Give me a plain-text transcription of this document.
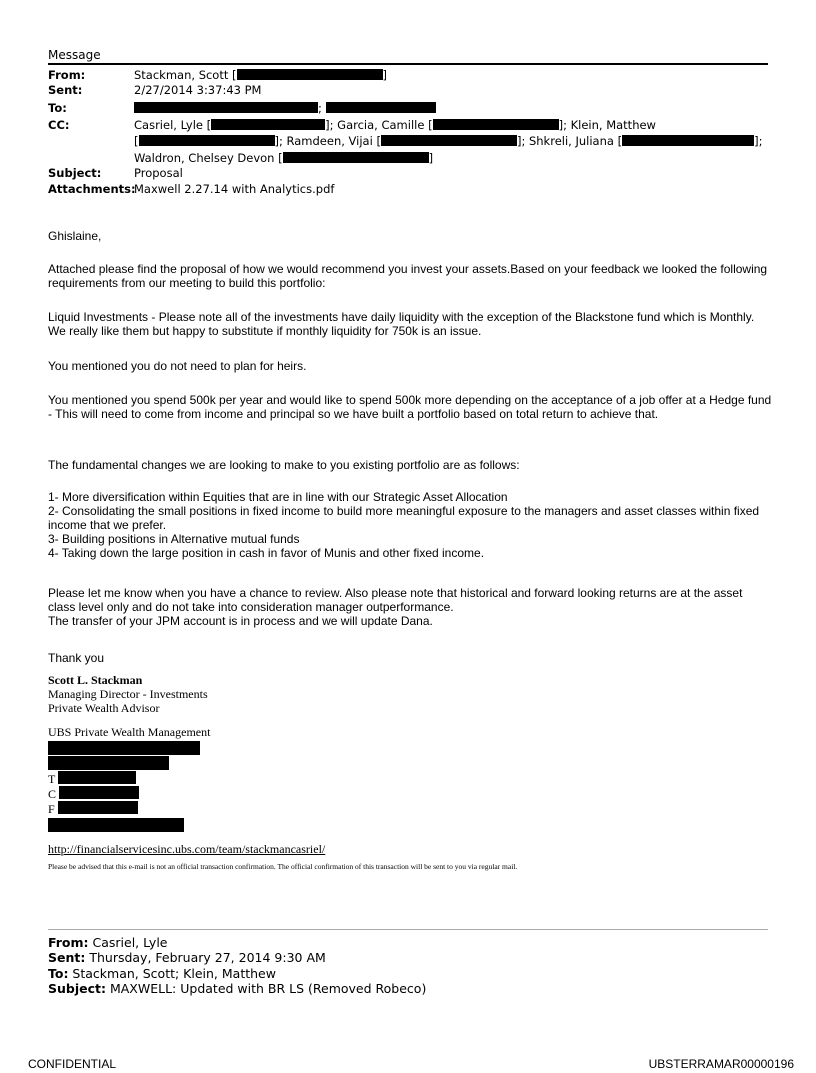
Message
From:	Stackman, Scott [	]
Sent:	2/27/2014 3:37:43 PM
To:	;
CC:	Casriel, Lyle [	]; Garcia, Camille [	]; Klein, Matthew
[	]; Ramdeen, Vijai [	]; Shkreli, Juliana [	];
Waldron, Chelsey Devon [	]
Subject:	Proposal
Attachments:
Maxwell 2.27.14 with Analytics.pdf
Ghislaine,
Attached please find the proposal of how we would recommend you invest your assets.Based on your feedback we looked the following requirements from our meeting to build this portfolio:
Liquid Investments - Please note all of the investments have daily liquidity with the exception of the Blackstone fund which is Monthly. We really like them but happy to substitute if monthly liquidity for 750k is an issue.
You mentioned you do not need to plan for heirs.
You mentioned you spend 500k per year and would like to spend 500k more depending on the acceptance of a job offer at a Hedge fund - This will need to come from income and principal so we have built a portfolio based on total return to achieve that.
The fundamental changes we are looking to make to you existing portfolio are as follows:

1- More diversification within Equities that are in line with our Strategic Asset Allocation

2- Consolidating the small positions in fixed income to build more meaningful exposure to the managers and asset classes within fixed income that we prefer.

3- Building positions in Alternative mutual funds

4- Taking down the large position in cash in favor of Munis and other fixed income.

Please let me know when you have a chance to review. Also please note that historical and forward looking returns are at the asset class level only and do not take into consideration manager outperformance.

The transfer of your JPM account is in process and we will update Dana.

Thank you
Scott L. Stackman
Managing Director - Investments
Private Wealth Advisor
UBS Private Wealth Management
T
C
F
http://financialservicesinc.ubs.com/team/stackmancasriel/
Please be advised that this e-mail is not an official transaction confirmation. The official confirmation of this transaction will be sent to you via regular mail.
From: Casriel, Lyle
Sent: Thursday, February 27, 2014 9:30 AM
To: Stackman, Scott; Klein, Matthew
Subject: MAXWELL: Updated with BR LS (Removed Robeco)
CONFIDENTIAL	UBSTERRAMAR00000196
